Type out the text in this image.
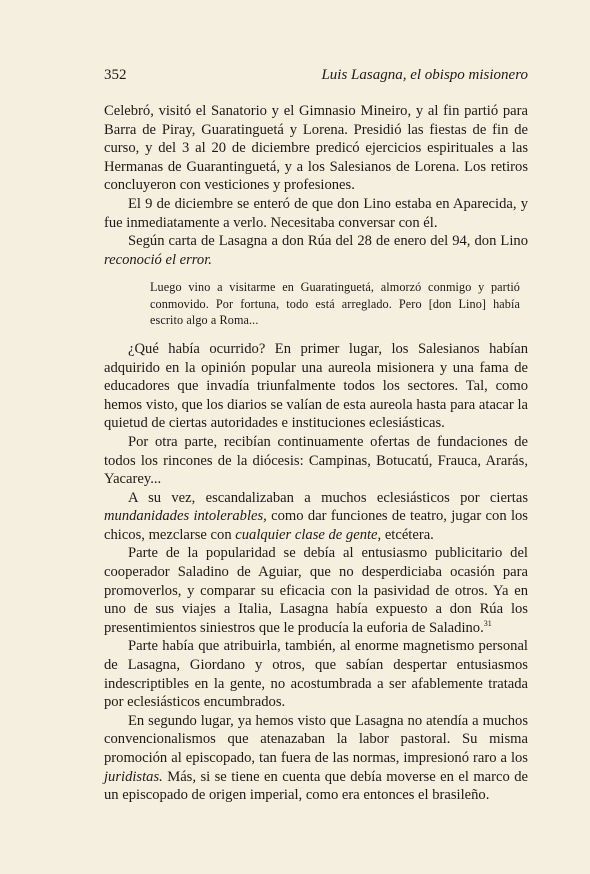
352	Luis Lasagna, el obispo misionero

Celebró, visitó el Sanatorio y el Gimnasio Mineiro, y al fin partió para Barra de Piray, Guaratinguetá y Lorena. Presidió las fiestas de fin de curso, y del 3 al 20 de diciembre predicó ejercicios espirituales a las Hermanas de Guarantinguetá, y a los Salesianos de Lorena. Los retiros concluyeron con vesticiones y profesiones.

El 9 de diciembre se enteró de que don Lino estaba en Aparecida, y fue inmediatamente a verlo. Necesitaba conversar con él.

Según carta de Lasagna a don Rúa del 28 de enero del 94, don Lino reconoció el error.

Luego vino a visitarme en Guaratinguetá, almorzó conmigo y partió conmovido. Por fortuna, todo está arreglado. Pero [don Lino] había escrito algo a Roma...

¿Qué había ocurrido? En primer lugar, los Salesianos habían adquirido en la opinión popular una aureola misionera y una fama de educadores que invadía triunfalmente todos los sectores. Tal, como hemos visto, que los diarios se valían de esta aureola hasta para atacar la quietud de ciertas autoridades e instituciones eclesiásticas.

Por otra parte, recibían continuamente ofertas de fundaciones de todos los rincones de la diócesis: Campinas, Botucatú, Frauca, Ararás, Yacarey...

A su vez, escandalizaban a muchos eclesiásticos por ciertas mundanidades intolerables, como dar funciones de teatro, jugar con los chicos, mezclarse con cualquier clase de gente, etcétera.

Parte de la popularidad se debía al entusiasmo publicitario del cooperador Saladino de Aguiar, que no desperdiciaba ocasión para promoverlos, y comparar su eficacia con la pasividad de otros. Ya en uno de sus viajes a Italia, Lasagna había expuesto a don Rúa los presentimientos siniestros que le producía la euforia de Saladino.$^{31}$

Parte había que atribuirla, también, al enorme magnetismo personal de Lasagna, Giordano y otros, que sabían despertar entusiasmos indescriptibles en la gente, no acostumbrada a ser afablemente tratada por eclesiásticos encumbrados.

En segundo lugar, ya hemos visto que Lasagna no atendía a muchos convencionalismos que atenazaban la labor pastoral. Su misma promoción al episcopado, tan fuera de las normas, impresionó raro a los juridistas. Más, si se tiene en cuenta que debía moverse en el marco de un episcopado de origen imperial, como era entonces el brasileño.
